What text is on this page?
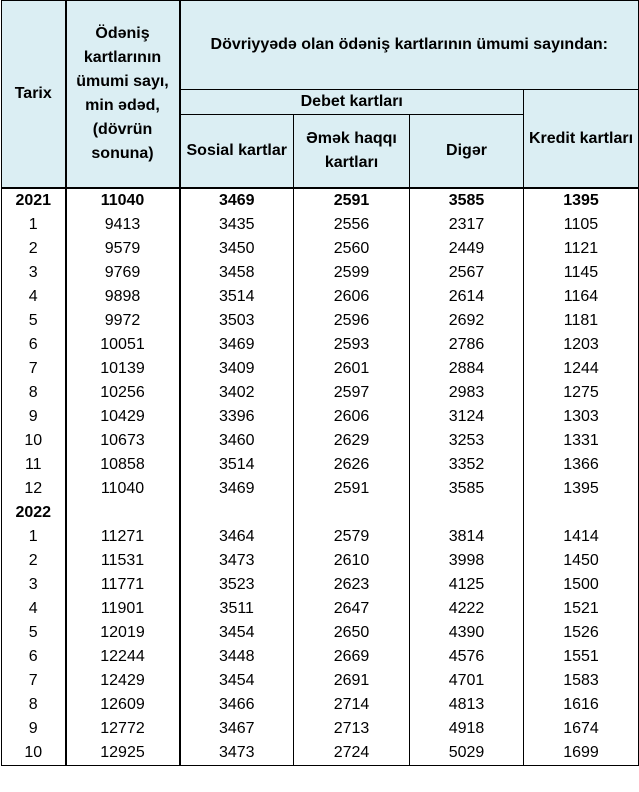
Tarix	Ödəniş kartlarının ümumi sayı, min ədəd, (dövrün sonuna)	Dövriyyədə olan ödəniş kartlarının ümumi sayından:			
		Debet kartları			Kredit kartları
		Sosial kartlar	Əmək haqqı kartları	Digər	
2021	11040	3469	2591	3585	1395
1	9413	3435	2556	2317	1105
2	9579	3450	2560	2449	1121
3	9769	3458	2599	2567	1145
4	9898	3514	2606	2614	1164
5	9972	3503	2596	2692	1181
6	10051	3469	2593	2786	1203
7	10139	3409	2601	2884	1244
8	10256	3402	2597	2983	1275
9	10429	3396	2606	3124	1303
10	10673	3460	2629	3253	1331
11	10858	3514	2626	3352	1366
12	11040	3469	2591	3585	1395
2022					
1	11271	3464	2579	3814	1414
2	11531	3473	2610	3998	1450
3	11771	3523	2623	4125	1500
4	11901	3511	2647	4222	1521
5	12019	3454	2650	4390	1526
6	12244	3448	2669	4576	1551
7	12429	3454	2691	4701	1583
8	12609	3466	2714	4813	1616
9	12772	3467	2713	4918	1674
10	12925	3473	2724	5029	1699
